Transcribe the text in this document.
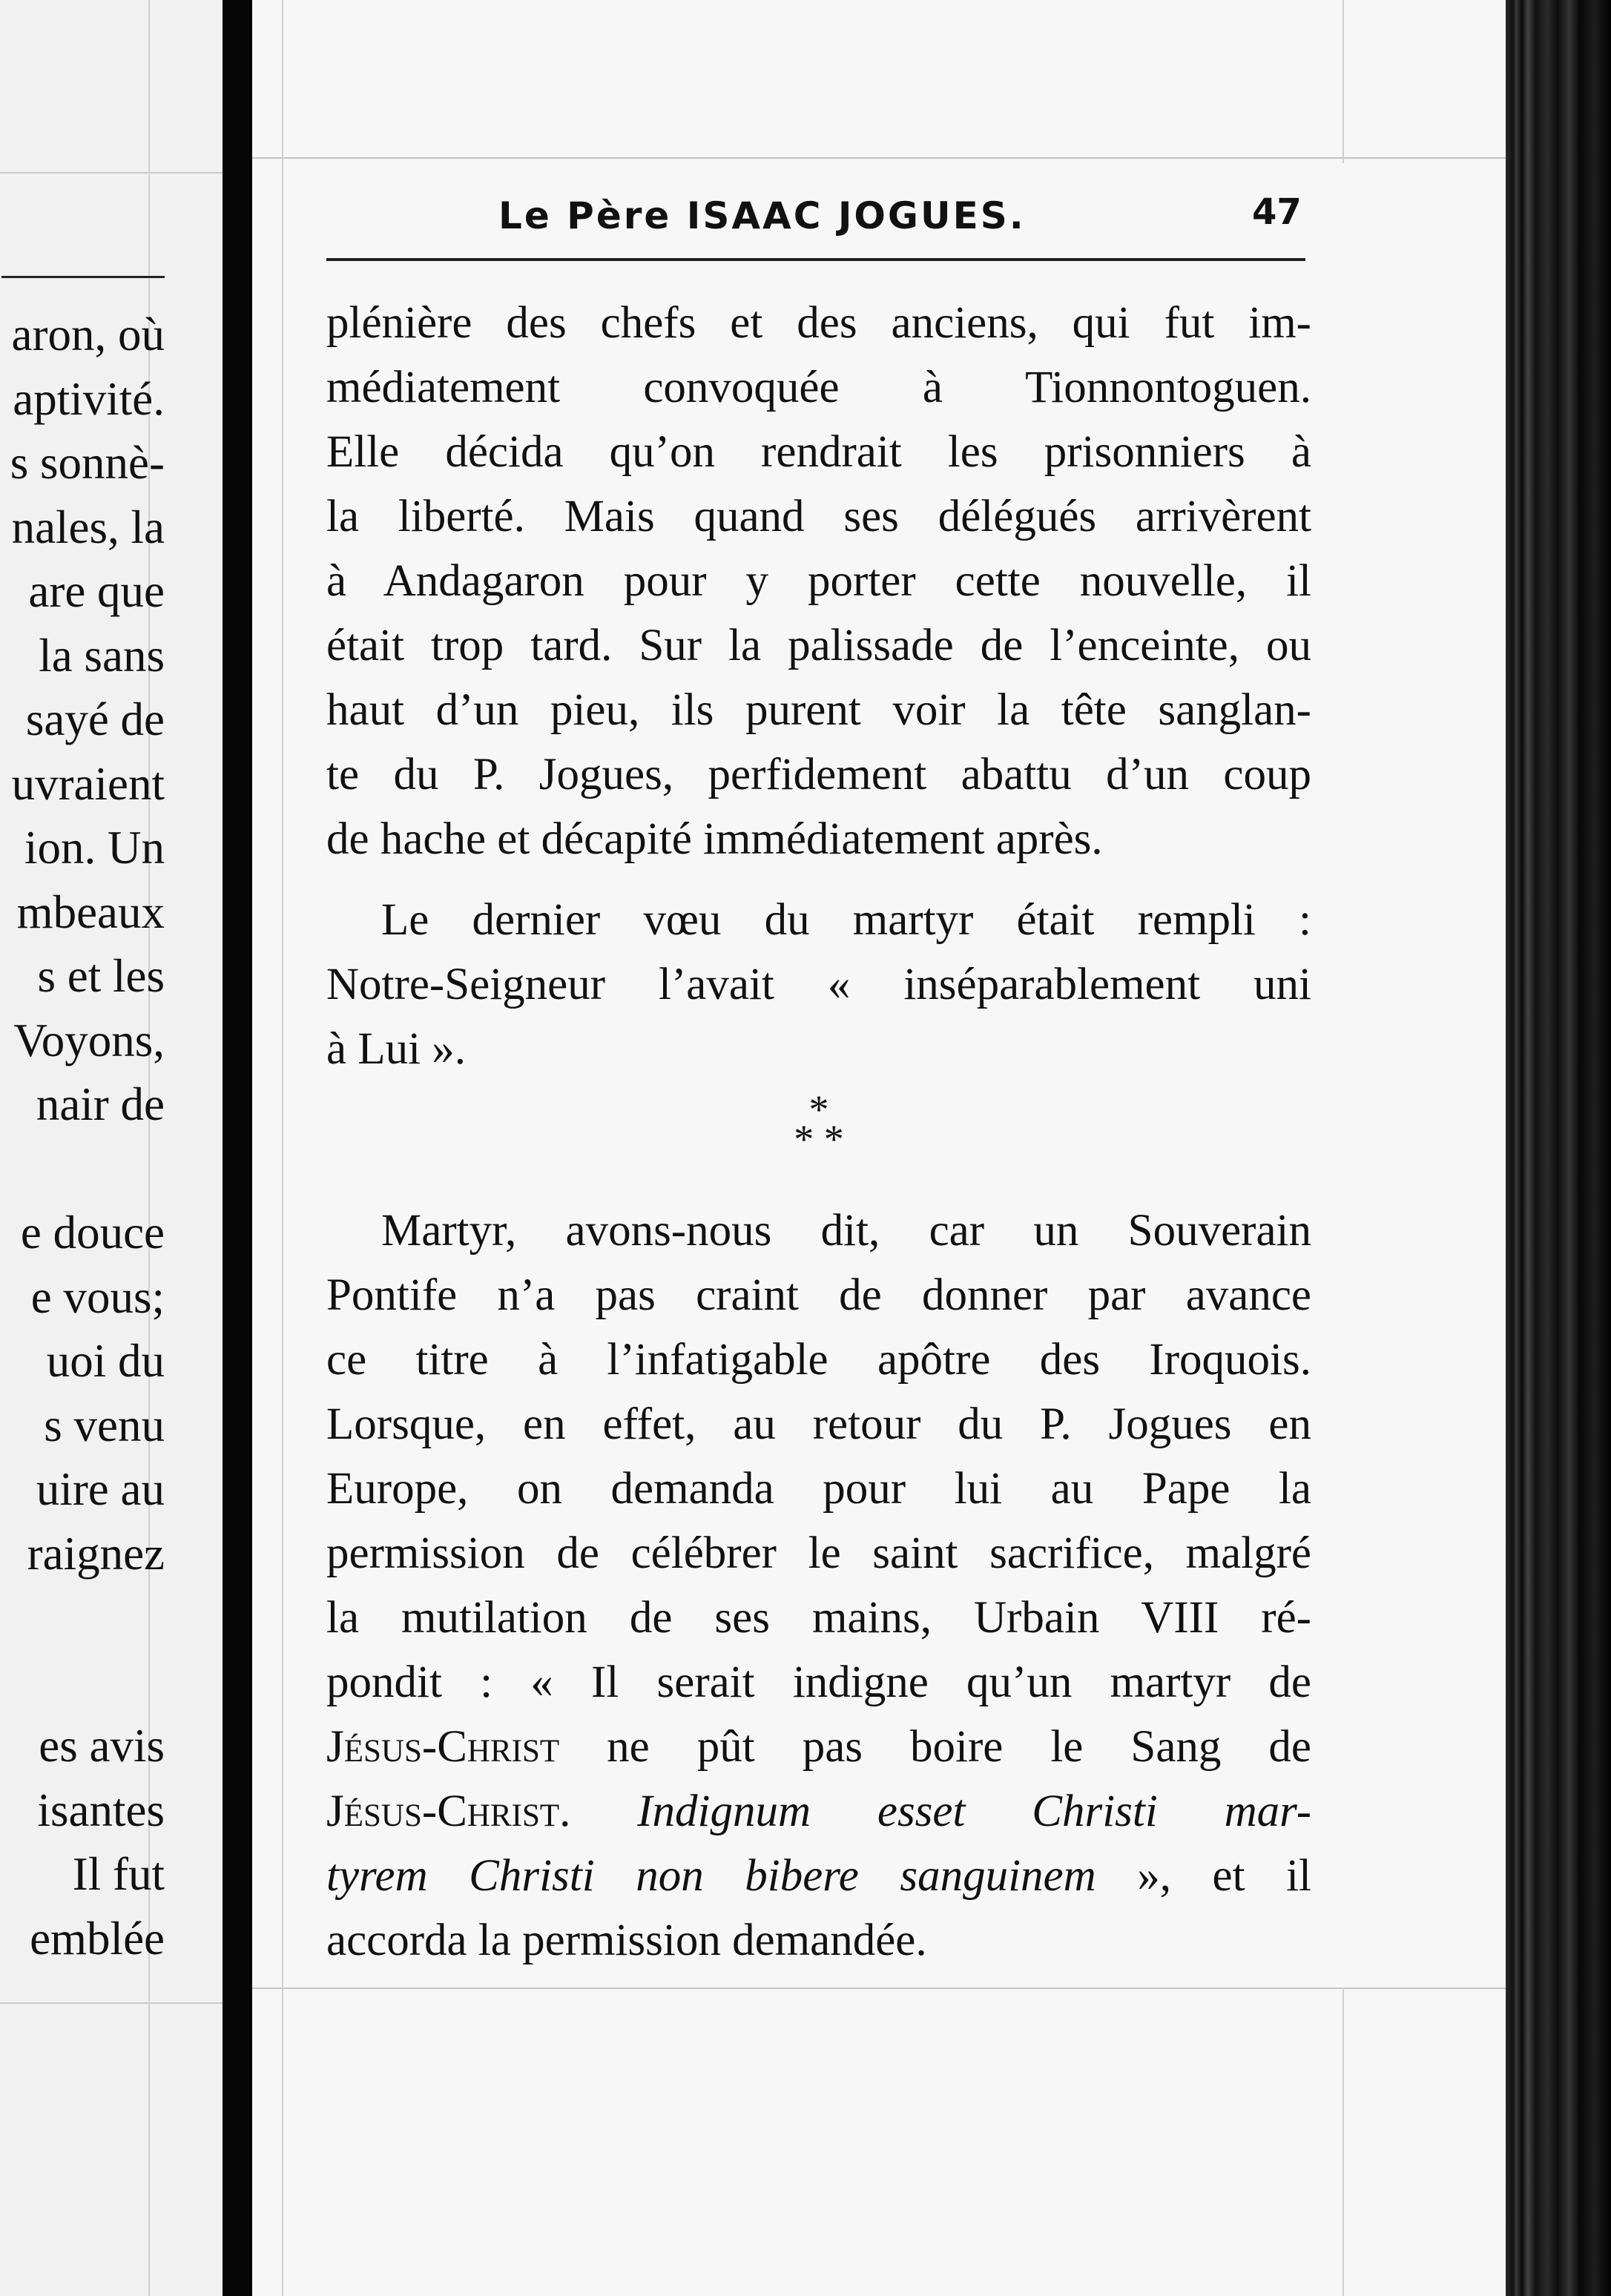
aron, où
aptivité.
s sonnè-
nales, la
are que
la sans
sayé de
uvraient
ion. Un
mbeaux
s et les
Voyons,
nair de
e douce
e vous;
uoi du
s venu
uire au
raignez
es avis
isantes
Il fut
emblée
Le Père ISAAC JOGUES.	47
plénière des chefs et des anciens, qui fut im-
médiatement convoquée à Tionnontoguen.
Elle décida qu’on rendrait les prisonniers à
la liberté. Mais quand ses délégués arrivèrent
à Andagaron pour y porter cette nouvelle, il
était trop tard. Sur la palissade de l’enceinte, ou
haut d’un pieu, ils purent voir la tête sanglan-
te du P. Jogues, perfidement abattu d’un coup
de hache et décapité immédiatement après.
Le dernier vœu du martyr était rempli :
Notre-Seigneur l’avait « inséparablement uni
à Lui ».
*
* *
Martyr, avons-nous dit, car un Souverain
Pontife n’a pas craint de donner par avance
ce titre à l’infatigable apôtre des Iroquois.
Lorsque, en effet, au retour du P. Jogues en
Europe, on demanda pour lui au Pape la
permission de célébrer le saint sacrifice, malgré
la mutilation de ses mains, Urbain VIII ré-
pondit : « Il serait indigne qu’un martyr de
Jésus-Christ ne pût pas boire le Sang de
Jésus-Christ. Indignum esset Christi mar-
tyrem Christi non bibere sanguinem », et il
accorda la permission demandée.
